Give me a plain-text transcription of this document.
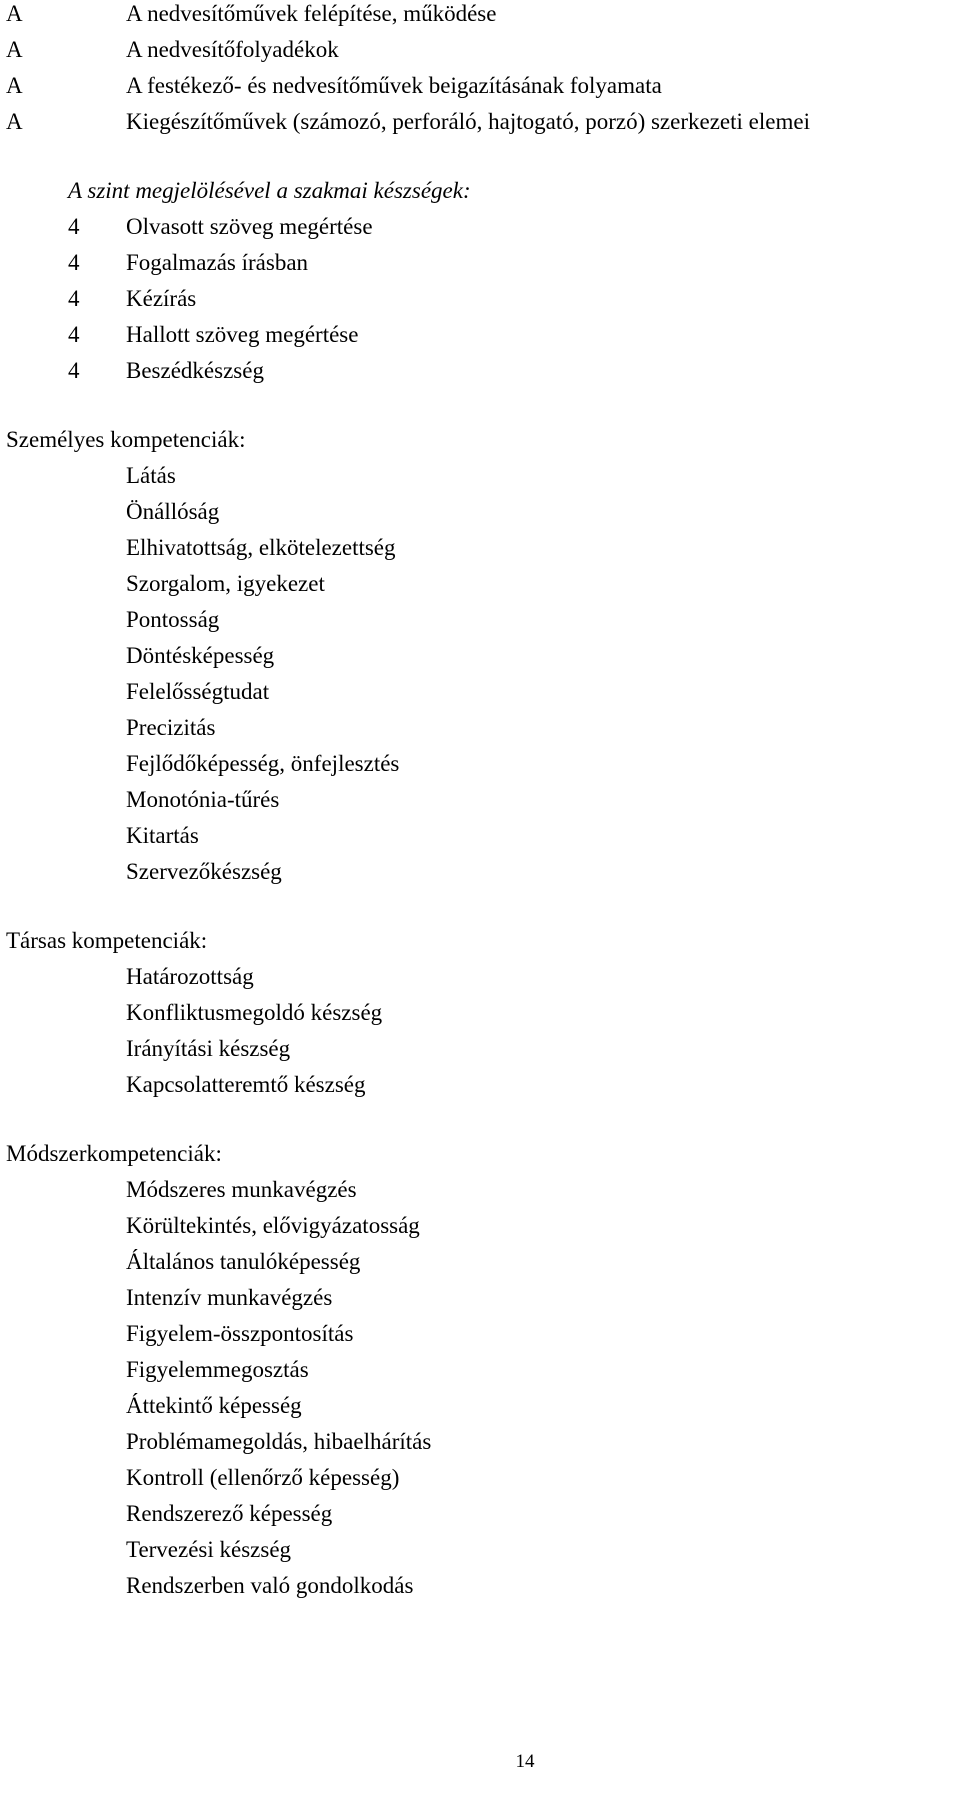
A	A nedvesítőművek felépítése, működése
A	A nedvesítőfolyadékok
A	A festékező- és nedvesítőművek beigazításának folyamata
A	Kiegészítőművek (számozó, perforáló, hajtogató, porzó) szerkezeti elemei
A szint megjelölésével a szakmai készségek:
4	Olvasott szöveg megértése
4	Fogalmazás írásban
4	Kézírás
4	Hallott szöveg megértése
4	Beszédkészség
Személyes kompetenciák:
Látás
Önállóság
Elhivatottság, elkötelezettség
Szorgalom, igyekezet
Pontosság
Döntésképesség
Felelősségtudat
Precizitás
Fejlődőképesség, önfejlesztés
Monotónia-tűrés
Kitartás
Szervezőkészség
Társas kompetenciák:
Határozottság
Konfliktusmegoldó készség
Irányítási készség
Kapcsolatteremtő készség
Módszerkompetenciák:
Módszeres munkavégzés
Körültekintés, elővigyázatosság
Általános tanulóképesség
Intenzív munkavégzés
Figyelem-összpontosítás
Figyelemmegosztás
Áttekintő képesség
Problémamegoldás, hibaelhárítás
Kontroll (ellenőrző képesség)
Rendszerező képesség
Tervezési készség
Rendszerben való gondolkodás
14
